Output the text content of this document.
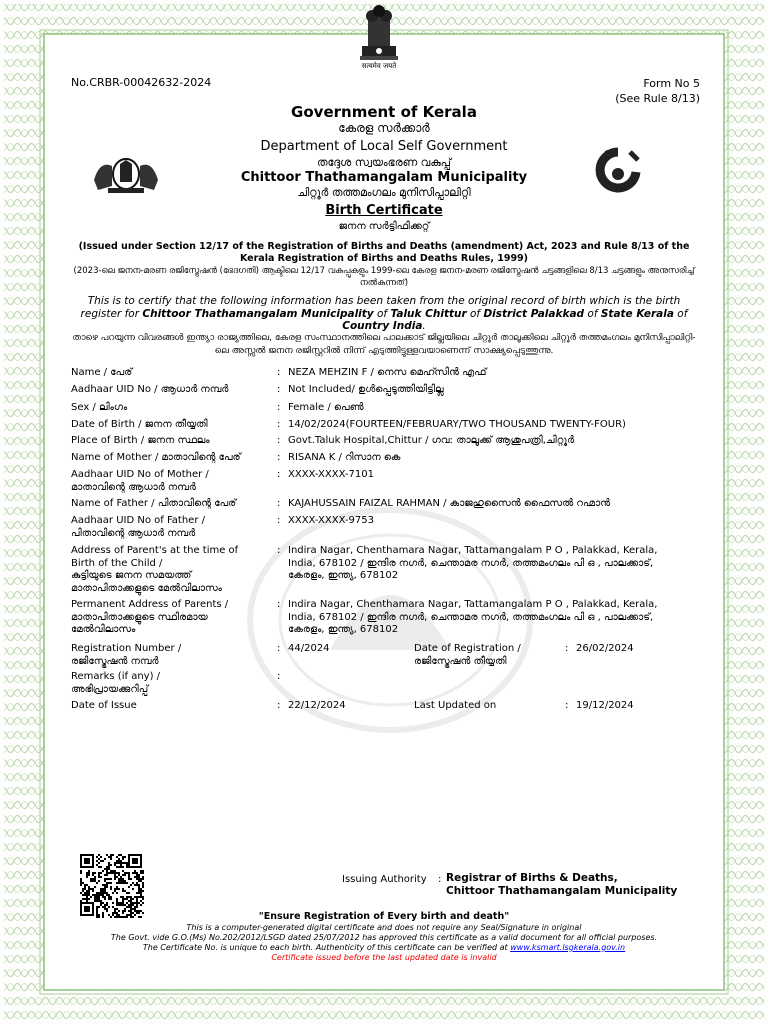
सत्यमेव जयते
No.CRBR-00042632-2024	Form No 5
(See Rule 8/13)
Government of Kerala
കേരള സർക്കാർ
Department of Local Self Government
തദ്ദേശ സ്വയംഭരണ വകുപ്പ്
Chittoor Thathamangalam Municipality
ചിറ്റൂർ തത്തമംഗലം മുനിസിപ്പാലിറ്റി
Birth Certificate
ജനന സർട്ടിഫിക്കറ്റ്
(Issued under Section 12/17 of the Registration of Births and Deaths (amendment) Act, 2023 and Rule 8/13 of the Kerala Registration of Births and Deaths Rules, 1999)
(2023-ലെ ജനന-മരണ രജിസ്ട്രേഷൻ (ഭേദഗതി) ആക്ടിലെ 12/17 വകുപ്പുകളും 1999-ലെ കേരള ജനന-മരണ രജിസ്ട്രേഷൻ ചട്ടങ്ങളിലെ 8/13 ചട്ടങ്ങളും അനുസരിച്ച് നൽകുന്നത്)
This is to certify that the following information has been taken from the original record of birth which is the birth register for Chittoor Thathamangalam Municipality of Taluk Chittur of District Palakkad of State Kerala of Country India.
താഴെ പറയുന്ന വിവരങ്ങൾ ഇന്ത്യാ രാജ്യത്തിലെ, കേരള സംസ്ഥാനത്തിലെ പാലക്കാട് ജില്ലയിലെ ചിറ്റൂർ താലൂക്കിലെ ചിറ്റൂർ തത്തമംഗലം മുനിസിപ്പാലിറ്റി-ലെ അസ്സൽ ജനന രജിസ്റ്ററിൽ നിന്ന് എടുത്തിട്ടുള്ളവയാണെന്ന് സാക്ഷ്യപ്പെടുത്തുന്നു.
Name / പേര്	: NEZA MEHZIN F / നെസ മെഹ്സിൻ എഫ്
Aadhaar UID No / ആധാർ നമ്പർ	: Not Included/ ഉൾപ്പെടുത്തിയിട്ടില്ല
Sex / ലിംഗം	: Female / പെൺ
Date of Birth / ജനന തീയ്യതി	: 14/02/2024(FOURTEEN/FEBRUARY/TWO THOUSAND TWENTY-FOUR)
Place of Birth / ജനന സ്ഥലം	: Govt.Taluk Hospital,Chittur / ഗവ: താലൂക്ക് ആശുപത്രി,ചിറ്റൂർ
Name of Mother / മാതാവിന്റെ പേര്	: RISANA K / റിസാന കെ
Aadhaar UID No of Mother /
മാതാവിന്റെ ആധാർ നമ്പർ
: XXXX-XXXX-7101
Name of Father / പിതാവിന്റെ പേര്	: KAJAHUSSAIN FAIZAL RAHMAN / കാജഹുസൈൻ ഫൈസൽ റഹ്മാൻ
Aadhaar UID No of Father /
പിതാവിന്റെ ആധാർ നമ്പർ
: XXXX-XXXX-9753
Address of Parent's at the time of
Birth of the Child /
കുട്ടിയുടെ ജനന സമയത്ത്
മാതാപിതാക്കളുടെ മേൽവിലാസം
: Indira Nagar, Chenthamara Nagar, Tattamangalam P O , Palakkad, Kerala,
India, 678102 / ഇന്ദിര നഗർ, ചെന്താമര നഗർ, തത്തമംഗലം പി ഒ , പാലക്കാട്,
കേരളം, ഇന്ത്യ, 678102
Permanent Address of Parents /
മാതാപിതാക്കളുടെ സ്ഥിരമായ
മേൽവിലാസം
: Indira Nagar, Chenthamara Nagar, Tattamangalam P O , Palakkad, Kerala,
India, 678102 / ഇന്ദിര നഗർ, ചെന്താമര നഗർ, തത്തമംഗലം പി ഒ , പാലക്കാട്,
കേരളം, ഇന്ത്യ, 678102
Registration Number /
രജിസ്ട്രേഷൻ നമ്പർ
: 44/2024	Date of Registration /
രജിസ്ട്രേഷൻ തീയ്യതി
: 26/02/2024
Remarks (if any) /
അഭിപ്രായക്കുറിപ്പ്
:
Date of Issue	: 22/12/2024	Last Updated on	: 19/12/2024
Issuing Authority : Registrar of Births & Deaths,
Chittoor Thathamangalam Municipality
"Ensure Registration of Every birth and death"
This is a computer-generated digital certificate and does not require any Seal/Signature in original
The Govt. vide G.O.(Ms) No.202/2012/LSGD dated 25/07/2012 has approved this certificate as a valid document for all official purposes.
The Certificate No. is unique to each birth. Authenticity of this certificate can be verified at www.ksmart.lsgkerala.gov.in
Certificate issued before the last updated date is invalid
